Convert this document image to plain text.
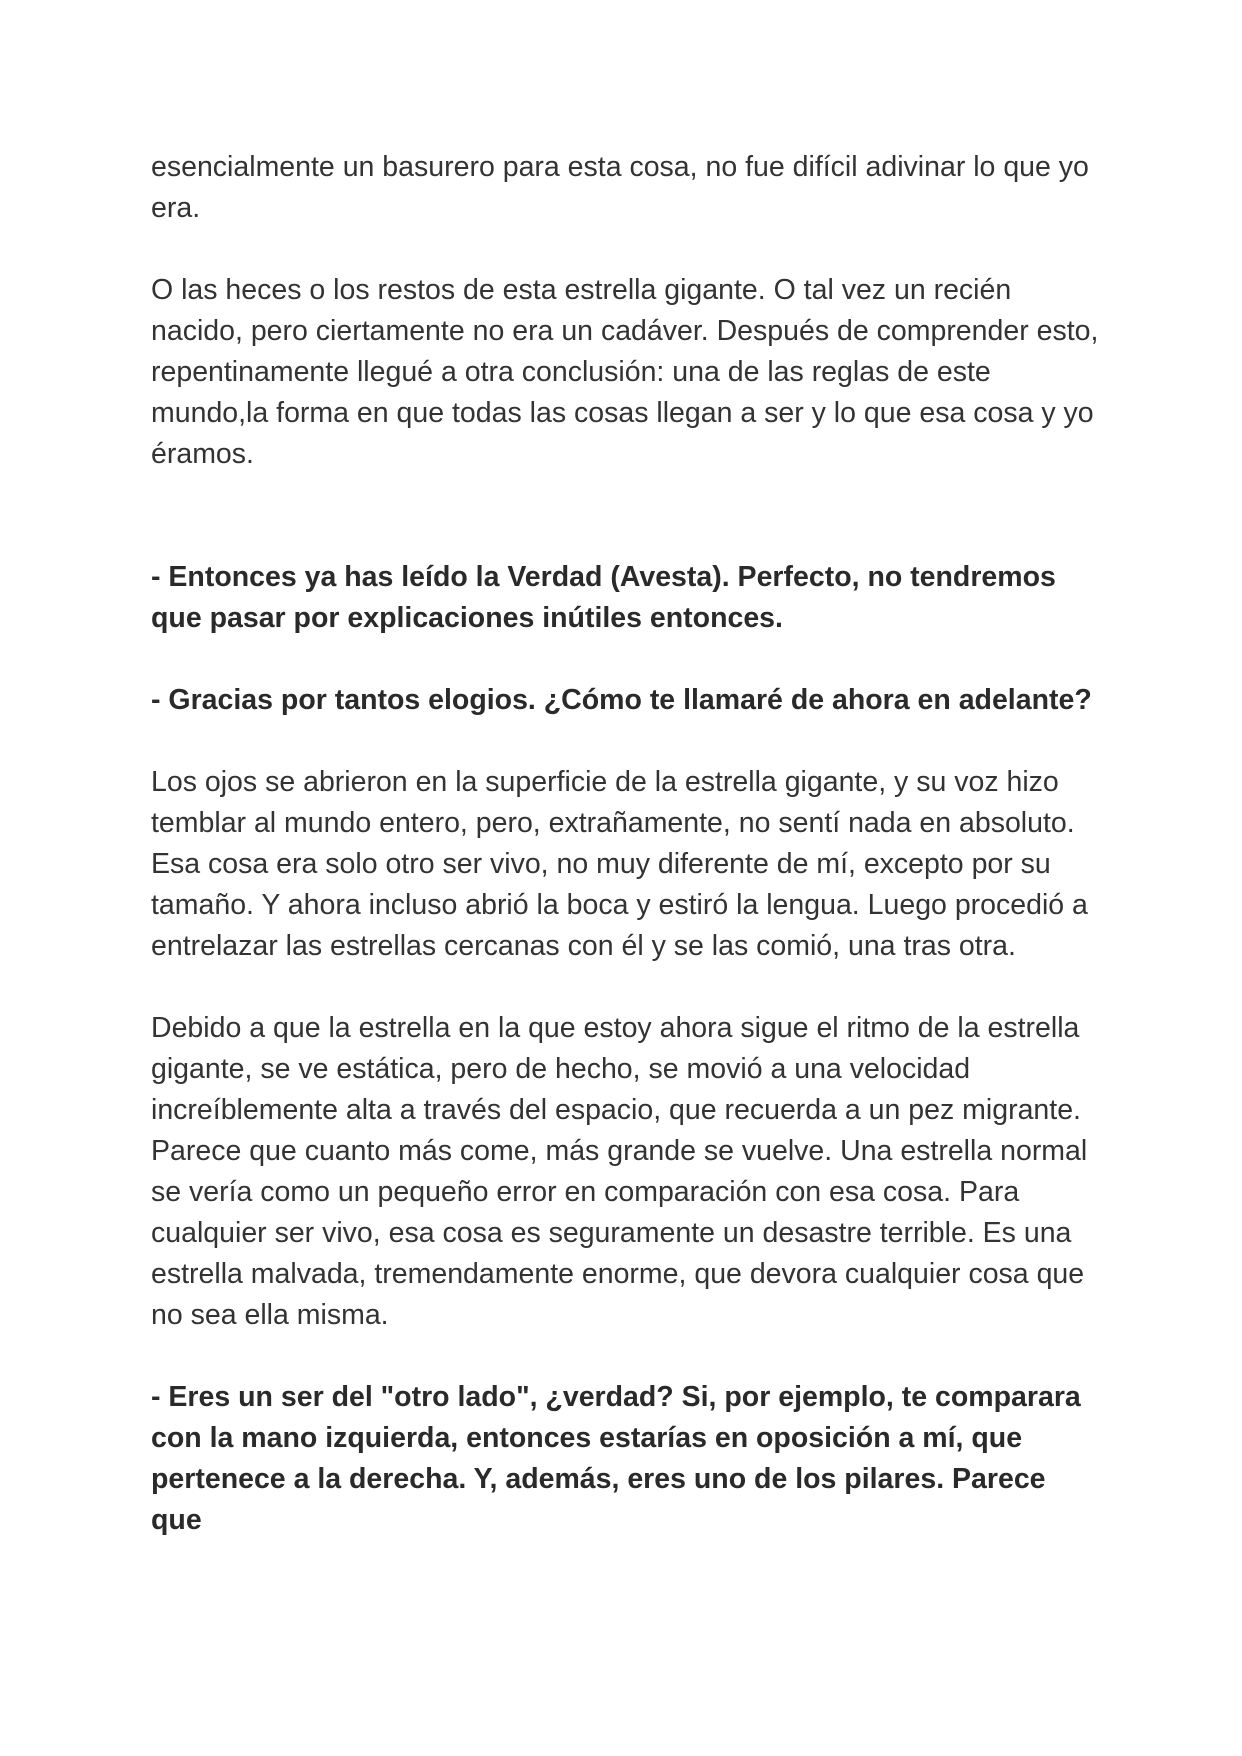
esencialmente un basurero para esta cosa, no fue difícil adivinar lo que yo era.

O las heces o los restos de esta estrella gigante. O tal vez un recién nacido, pero ciertamente no era un cadáver. Después de comprender esto, repentinamente llegué a otra conclusión: una de las reglas de este mundo,la forma en que todas las cosas llegan a ser y lo que esa cosa y yo éramos.

- Entonces ya has leído la Verdad (Avesta). Perfecto, no tendremos que pasar por explicaciones inútiles entonces.

- Gracias por tantos elogios. ¿Cómo te llamaré de ahora en adelante?

Los ojos se abrieron en la superficie de la estrella gigante, y su voz hizo temblar al mundo entero, pero, extrañamente, no sentí nada en absoluto. Esa cosa era solo otro ser vivo, no muy diferente de mí, excepto por su tamaño. Y ahora incluso abrió la boca y estiró la lengua. Luego procedió a entrelazar las estrellas cercanas con él y se las comió, una tras otra.

Debido a que la estrella en la que estoy ahora sigue el ritmo de la estrella gigante, se ve estática, pero de hecho, se movió a una velocidad increíblemente alta a través del espacio, que recuerda a un pez migrante. Parece que cuanto más come, más grande se vuelve. Una estrella normal se vería como un pequeño error en comparación con esa cosa. Para cualquier ser vivo, esa cosa es seguramente un desastre terrible. Es una estrella malvada, tremendamente enorme, que devora cualquier cosa que no sea ella misma.

- Eres un ser del "otro lado", ¿verdad? Si, por ejemplo, te comparara con la mano izquierda, entonces estarías en oposición a mí, que pertenece a la derecha. Y, además, eres uno de los pilares. Parece que
